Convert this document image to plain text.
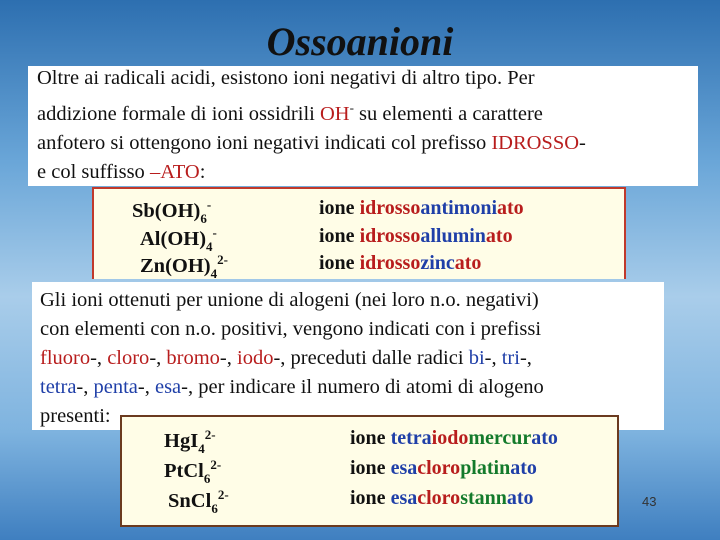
Ossoanioni
Oltre ai radicali acidi, esistono ioni negativi di altro tipo. Per
addizione formale di ioni ossidrili OH- su elementi a carattere
anfotero si ottengono ioni negativi indicati col prefisso IDROSSO-
e col suffisso –ATO:
$Sb(OH)_6^-$	ione idrossoantimoniato
$Al(OH)_4^-$	ione idrossoalluminato
$Zn(OH)_4^{2-}$	ione idrossozincato
Gli ioni ottenuti per unione di alogeni (nei loro n.o. negativi)
con elementi con n.o. positivi, vengono indicati con i prefissi
fluoro-, cloro-, bromo-, iodo-, preceduti dalle radici bi-, tri-,
tetra-, penta-, esa-, per indicare il numero di atomi di alogeno
presenti:
HgI$_4^{2-}$	ione tetraiodomercurato
PtCl$_6^{2-}$	ione esacloroplatinato
SnCl$_6^{2-}$	ione esaclorostannato	43
